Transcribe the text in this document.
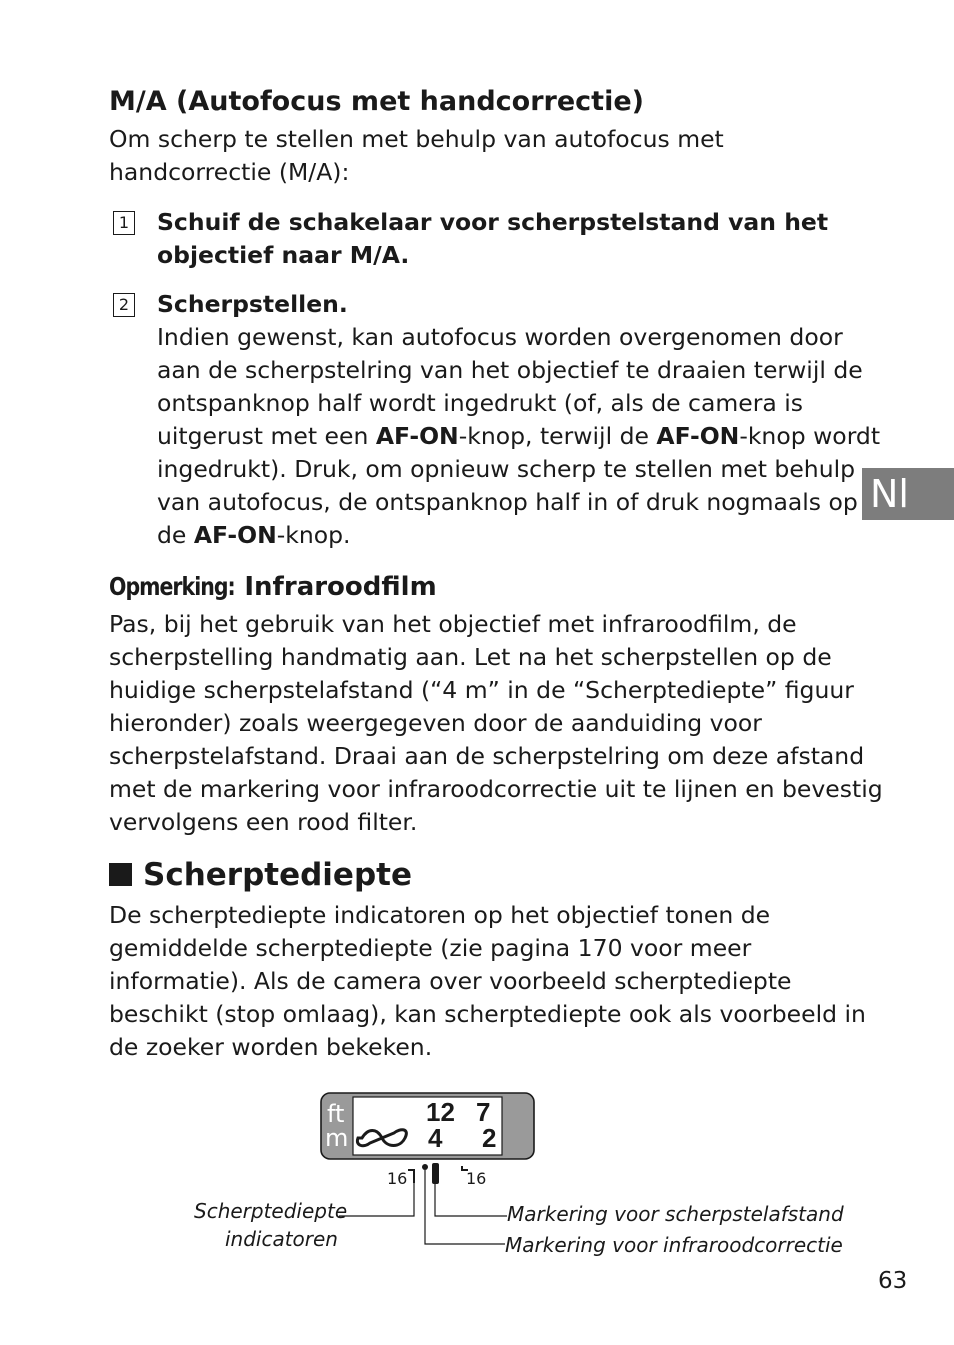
M/A (Autofocus met handcorrectie)
Om scherp te stellen met behulp van autofocus met
handcorrectie (M/A):
1 Schuif de schakelaar voor scherpstelstand van het
objectief naar M/A.
2 Scherpstellen.
Indien gewenst, kan autofocus worden overgenomen door
aan de scherpstelring van het objectief te draaien terwijl de
ontspanknop half wordt ingedrukt (of, als de camera is
uitgerust met een AF-ON-knop, terwijl de AF-ON-knop wordt
ingedrukt). Druk, om opnieuw scherp te stellen met behulp
van autofocus, de ontspanknop half in of druk nogmaals op
de AF-ON-knop.
Nl
Opmerking: Infraroodfilm
Pas, bij het gebruik van het objectief met infraroodfilm, de
scherpstelling handmatig aan. Let na het scherpstellen op de
huidige scherpstelafstand (“4 m” in de “Scherptediepte” figuur
hieronder) zoals weergegeven door de aanduiding voor
scherpstelafstand. Draai aan de scherpstelring om deze afstand
met de markering voor infraroodcorrectie uit te lijnen en bevestig
vervolgens een rood filter.
Scherptediepte
De scherptediepte indicatoren op het objectief tonen de
gemiddelde scherptediepte (zie pagina 170 voor meer
informatie). Als de camera over voorbeeld scherptediepte
beschikt (stop omlaag), kan scherptediepte ook als voorbeeld in
de zoeker worden bekeken.
ft
m
12 7
4 2
16	16
Scherptediepte
indicatoren
Markering voor scherpstelafstand
Markering voor infraroodcorrectie
63
